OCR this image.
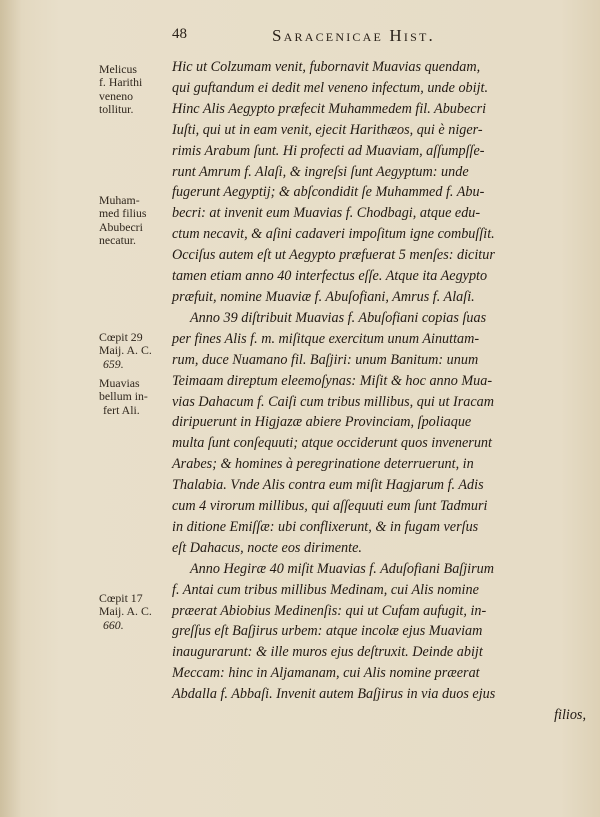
48	Saracenicae Hist.
Melicus
f. Harithi
veneno
tollitur.
Muham-
med filius
Abubecri
necatur.
Cœpit 29
Maij. A. C.
659.
Muavias
bellum in-
fert Ali.
Cœpit 17
Maij. A. C.
660.
Hic ut Colzumam venit, fubornavit Muavias quendam,
qui guftandum ei dedit mel veneno infectum, unde obijt.
Hinc Alis Aegypto præfecit Muhammedem fil. Abubecri
Iuſti, qui ut in eam venit, ejecit Harithæos, qui è niger-
rimis Arabum ſunt. Hi profecti ad Muaviam, aſſumpſſe-
runt Amrum f. Alaſi, & ingreſsi ſunt Aegyptum: unde
fugerunt Aegyptij; & abſcondidit ſe Muhammed f. Abu-
becri: at invenit eum Muavias f. Chodbagi, atque edu-
ctum necavit, & aſini cadaveri impoſitum igne combuſſit.
Occiſus autem eſt ut Aegypto præfuerat 5 menſes: dicitur
tamen etiam anno 40 interfectus eſſe. Atque ita Aegypto
præfuit, nomine Muaviæ f. Abuſofiani, Amrus f. Alaſi.
Anno 39 diſtribuit Muavias f. Abuſofiani copias ſuas
per fines Alis f. m. miſitque exercitum unum Ainuttam-
rum, duce Nuamano fil. Baſjiri: unum Banitum: unum
Teimaam direptum eleemoſynas: Miſit & hoc anno Mua-
vias Dahacum f. Caiſi cum tribus millibus, qui ut Iracam
diripuerunt in Higjazæ abiere Provinciam, ſpoliaque
multa ſunt conſequuti; atque occiderunt quos invenerunt
Arabes; & homines à peregrinatione deterruerunt, in
Thalabia. Vnde Alis contra eum miſit Hagjarum f. Adis
cum 4 virorum millibus, qui aſſequuti eum ſunt Tadmuri
in ditione Emiſſæ: ubi conflixerunt, & in fugam verſus
eſt Dahacus, nocte eos dirimente.
Anno Hegiræ 40 miſit Muavias f. Aduſofiani Baſjirum
f. Antai cum tribus millibus Medinam, cui Alis nomine
præerat Abiobius Medinenſis: qui ut Cufam aufugit, in-
greſſus eſt Baſjirus urbem: atque incolæ ejus Muaviam
inaugurarunt: & ille muros ejus deſtruxit. Deinde abijt
Meccam: hinc in Aljamanam, cui Alis nomine præerat
Abdalla f. Abbaſi. Invenit autem Baſjirus in via duos ejus
filios,
